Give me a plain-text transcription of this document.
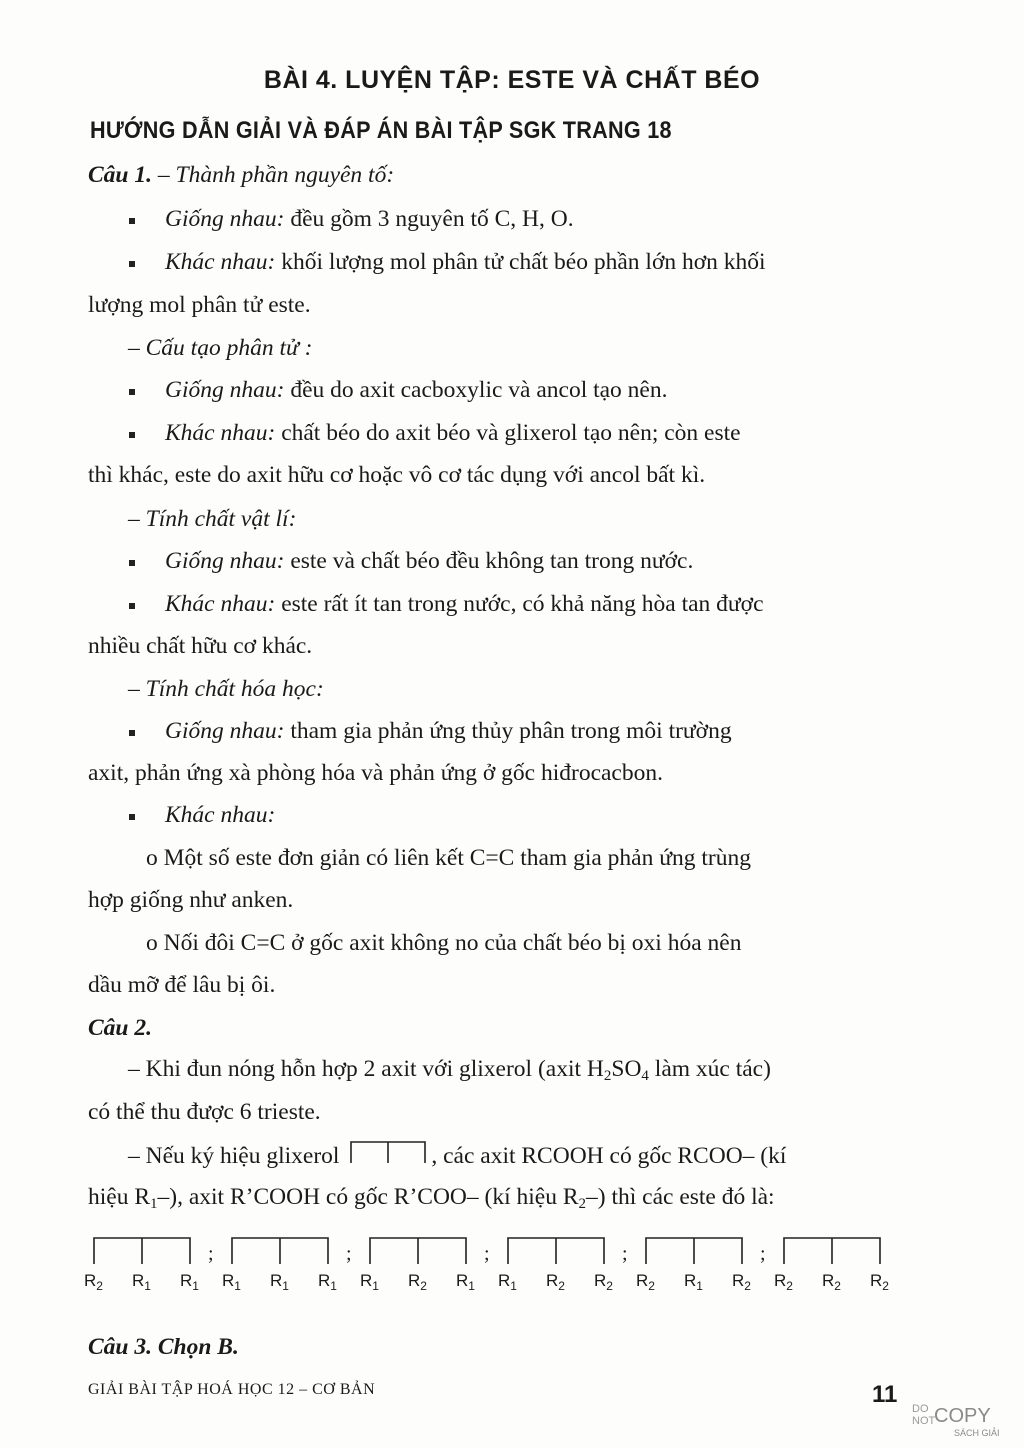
BÀI 4. LUYỆN TẬP: ESTE VÀ CHẤT BÉO
HƯỚNG DẪN GIẢI VÀ ĐÁP ÁN BÀI TẬP SGK TRANG 18
Câu 1. – Thành phần nguyên tố:
Giống nhau: đều gồm 3 nguyên tố C, H, O.
Khác nhau: khối lượng mol phân tử chất béo phần lớn hơn khối
lượng mol phân tử este.
– Cấu tạo phân tử :
Giống nhau: đều do axit cacboxylic và ancol tạo nên.
Khác nhau: chất béo do axit béo và glixerol tạo nên; còn este
thì khác, este do axit hữu cơ hoặc vô cơ tác dụng với ancol bất kì.
– Tính chất vật lí:
Giống nhau: este và chất béo đều không tan trong nước.
Khác nhau: este rất ít tan trong nước, có khả năng hòa tan được
nhiều chất hữu cơ khác.
– Tính chất hóa học:
Giống nhau: tham gia phản ứng thủy phân trong môi trường
axit, phản ứng xà phòng hóa và phản ứng ở gốc hiđrocacbon.
Khác nhau:
o Một số este đơn giản có liên kết C=C tham gia phản ứng trùng
hợp giống như anken.
o Nối đôi C=C ở gốc axit không no của chất béo bị oxi hóa nên
dầu mỡ để lâu bị ôi.
Câu 2.
– Khi đun nóng hỗn hợp 2 axit với glixerol (axit $H_2SO_4$ làm xúc tác)
có thể thu được 6 trieste.
– Nếu ký hiệu glixerol	, các axit RCOOH có gốc RCOO– (kí
hiệu $R_1-$), axit R’COOH có gốc R’COO– (kí hiệu $R_2-$) thì các este đó là:
$R_2$ $R_1$ $R_1$
;
$R_1$ $R_1$ $R_1$
;
$R_1$ $R_2$ $R_1$
;
$R_1$ $R_2$ $R_2$
;
$R_2$ $R_1$ $R_2$
;
$R_2$ $R_2$ $R_2$
Câu 3. Chọn B.
GIẢI BÀI TẬP HOÁ HỌC 12 – CƠ BẢN	11
DO
NOT
COPY
SÁCH GIẢI
